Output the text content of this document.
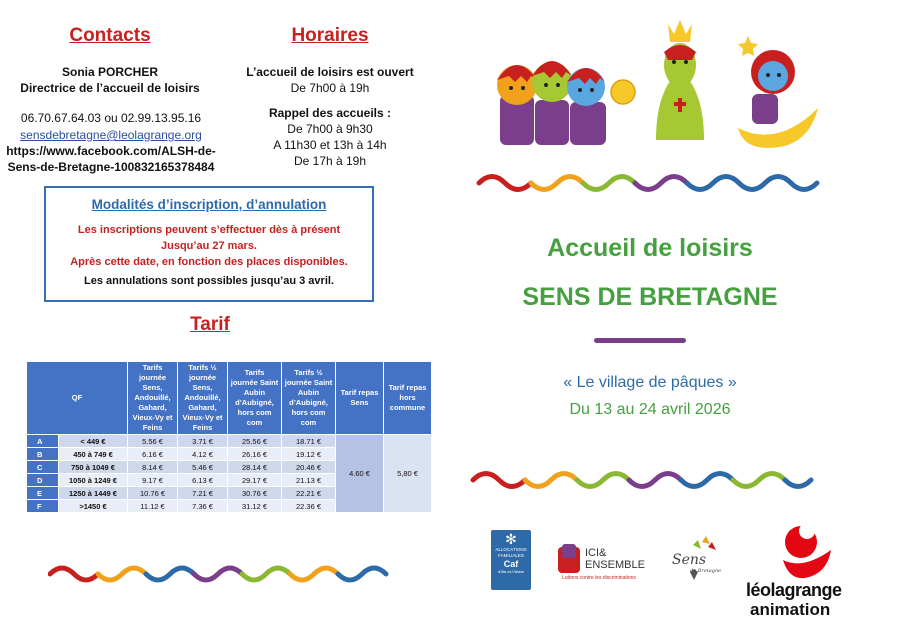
Contacts
Sonia PORCHER
Directrice de l’accueil de loisirs
06.70.67.64.03 ou 02.99.13.95.16
sensdebretagne@leolagrange.org
https://www.facebook.com/ALSH-de-
Sens-de-Bretagne-100832165378484
Horaires
L’accueil de loisirs est ouvert
De 7h00 à 19h
Rappel des accueils :
De 7h00 à 9h30
A 11h30 et 13h à 14h
De 17h à 19h
Modalités d’inscription, d’annulation
Les inscriptions peuvent s’effectuer dès à présent
Jusqu’au 27 mars.
Après cette date, en fonction des places disponibles.
Les annulations sont possibles jusqu’au 3 avril.
Tarif
QF		Tarifs journée Sens, Andouillé, Gahard, Vieux-Vy et Feins	Tarifs ½ journée Sens, Andouillé, Gahard, Vieux-Vy et Feins	Tarifs journée Saint Aubin d’Aubigné, hors com com	Tarifs ½ journée Saint Aubin d’Aubigné, hors com com	Tarif repas Sens	Tarif repas hors commune
A	< 449 €	5.56 €	3.71 €	25.56 €	18.71 €	4.60 €	5,80 €
B	450 à 749 €	6.16 €	4.12 €	26.16 €	19.12 €		
C	750 à 1049 €	8.14 €	5.46 €	28.14 €	20.46 €		
D	1050 à 1249 €	9.17 €	6.13 €	29.17 €	21.13 €		
E	1250 à 1449 €	10.76 €	7.21 €	30.76 €	22.21 €		
F	>1450 €	11.12 €	7.36 €	31.12 €	22.36 €		
Accueil de loisirs
SENS DE BRETAGNE
« Le village de pâques »
Du 13 au 24 avril 2026
✻
ALLOCATIONS
FAMILIALES
Caf
d’Ille-et-Vilaine
ICI&
ENSEMBLE
Luttons contre les discriminations
Sens
de Bretagne
léolagrange
animation
